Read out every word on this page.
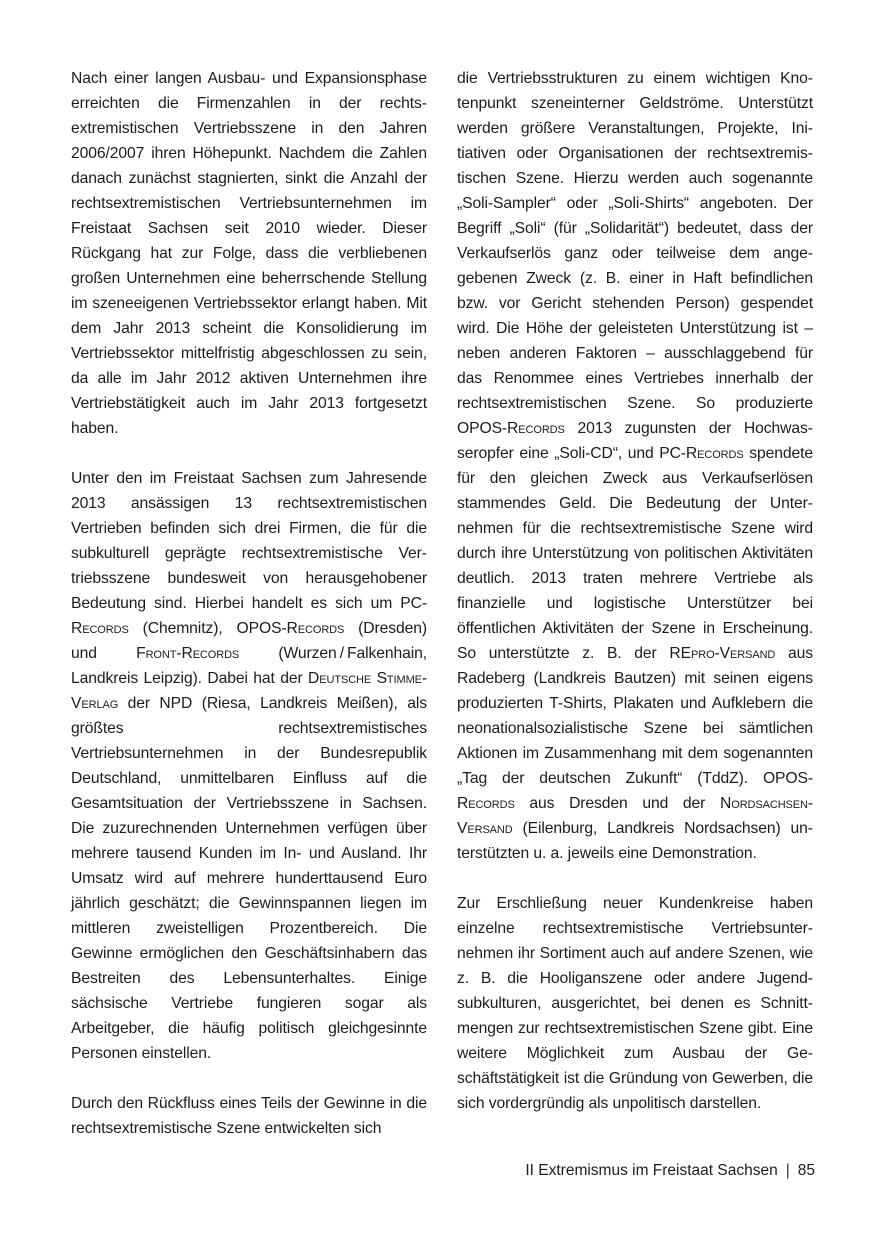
Nach einer langen Ausbau- und Expansionsphase erreichten die Firmenzahlen in der rechtsextremistischen Vertriebsszene in den Jahren 2006/2007 ihren Höhepunkt. Nachdem die Zahlen danach zunächst stagnierten, sinkt die Anzahl der rechtsextremistischen Vertriebsunternehmen im Freistaat Sachsen seit 2010 wieder. Dieser Rückgang hat zur Folge, dass die verbliebenen großen Unternehmen eine beherrschende Stellung im szeneeigenen Vertriebssektor erlangt haben. Mit dem Jahr 2013 scheint die Konsolidierung im Vertriebssektor mittelfristig abgeschlossen zu sein, da alle im Jahr 2012 aktiven Unternehmen ihre Vertriebstätigkeit auch im Jahr 2013 fortgesetzt haben.

Unter den im Freistaat Sachsen zum Jahresende 2013 ansässigen 13 rechtsextremistischen Vertrieben befinden sich drei Firmen, die für die subkulturell geprägte rechtsextremistische Vertriebsszene bundesweit von herausgehobener Bedeutung sind. Hierbei handelt es sich um PC-Records (Chemnitz), OPOS-Records (Dresden) und Front-Records (Wurzen / Falkenhain, Landkreis Leipzig). Dabei hat der Deutsche Stimme-Verlag der NPD (Riesa, Landkreis Meißen), als größtes rechtsextremistisches Vertriebsunternehmen in der Bundesrepublik Deutschland, unmittelbaren Einfluss auf die Gesamtsituation der Vertriebsszene in Sachsen. Die zuzurechnenden Unternehmen verfügen über mehrere tausend Kunden im In- und Ausland. Ihr Umsatz wird auf mehrere hunderttausend Euro jährlich geschätzt; die Gewinnspannen liegen im mittleren zweistelligen Prozentbereich. Die Gewinne ermöglichen den Geschäftsinhabern das Bestreiten des Lebensunterhaltes. Einige sächsische Vertriebe fungieren sogar als Arbeitgeber, die häufig politisch gleichgesinnte Personen einstellen.

Durch den Rückfluss eines Teils der Gewinne in die rechtsextremistische Szene entwickelten sich

die Vertriebsstrukturen zu einem wichtigen Knotenpunkt szeneinterner Geldströme. Unterstützt werden größere Veranstaltungen, Projekte, Initiativen oder Organisationen der rechtsextremistischen Szene. Hierzu werden auch sogenannte „Soli-Sampler“ oder „Soli-Shirts“ angeboten. Der Begriff „Soli“ (für „Solidarität“) bedeutet, dass der Verkaufserlös ganz oder teilweise dem angegebenen Zweck (z. B. einer in Haft befindlichen bzw. vor Gericht stehenden Person) gespendet wird. Die Höhe der geleisteten Unterstützung ist – neben anderen Faktoren – ausschlaggebend für das Renommee eines Vertriebes innerhalb der rechtsextremistischen Szene. So produzierte OPOS-Records 2013 zugunsten der Hochwasseropfer eine „Soli-CD“, und PC-Records spendete für den gleichen Zweck aus Verkaufserlösen stammendes Geld. Die Bedeutung der Unternehmen für die rechtsextremistische Szene wird durch ihre Unterstützung von politischen Aktivitäten deutlich. 2013 traten mehrere Vertriebe als finanzielle und logistische Unterstützer bei öffentlichen Aktivitäten der Szene in Erscheinung. So unterstützte z. B. der REpro-Versand aus Radeberg (Landkreis Bautzen) mit seinen eigens produzierten T-Shirts, Plakaten und Aufklebern die neonationalsozialistische Szene bei sämtlichen Aktionen im Zusammenhang mit dem sogenannten „Tag der deutschen Zukunft“ (TddZ). OPOS-Records aus Dresden und der Nordsachsen-Versand (Eilenburg, Landkreis Nordsachsen) unterstützten u. a. jeweils eine Demonstration.

Zur Erschließung neuer Kundenkreise haben einzelne rechtsextremistische Vertriebsunternehmen ihr Sortiment auch auf andere Szenen, wie z. B. die Hooliganszene oder andere Jugendsubkulturen, ausgerichtet, bei denen es Schnittmengen zur rechtsextremistischen Szene gibt. Eine weitere Möglichkeit zum Ausbau der Geschäftstätigkeit ist die Gründung von Gewerben, die sich vordergründig als unpolitisch darstellen.

II Extremismus im Freistaat Sachsen | 85
